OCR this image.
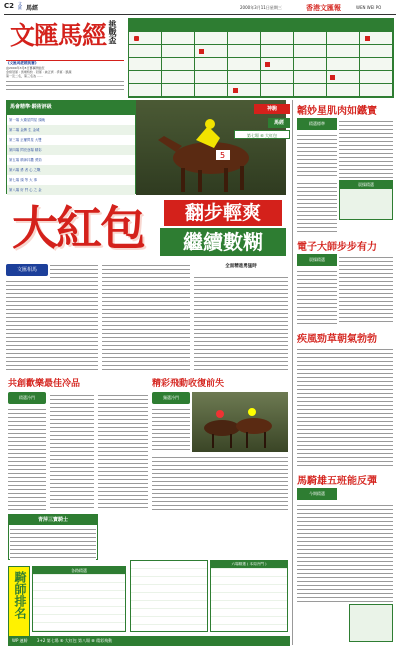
C2 文 匯 馬經	2000年3月11日星期三	香港文匯報	WEN WEI PO
文匯馬經 挑戰盃
《文匯馬經精挑賽》
由2000年3月8日賽事開始至
金榜冠軍 : 馬場特約 · 冠軍 : 純正貢 · 季軍 : 凱龍
第一及二名，第三名為 ……
馬會精準‧騎術評級
第一場 大衛星閃星 頭晚
第二場 金牌 生 金城
第三場 正權閃星 大雙
第四場 閃亮登場 精彩
第五場 精神抖擻 勇勁
第六場 勇 者 心 之戰
第七場 頭 等 大 事
第八場 好 鬥 心 之 金
5
神駒
馬經
第七場 ⑥ 大紅包
韜妙星肌肉如鐵實
精選標準
晨操精選
電子大師步步有力
晨操精選
疾風勁草朝氣勃勃
馬騎雄五班能反彈
今期精選
大紅包	翻步輕爽
繼續數糊
文匯相馬
全面精進勇猛時
共創歡樂最佳冷品	精彩飛動收復前失
精選冷門	獨選冷門
青萍三寶騎士
騎師排名
各路精選
六場精選 ( 本周冷門 )
WP 連勝 3+2 第七場 ⑥ 大紅包 第八場 ⑧ 精彩飛動
